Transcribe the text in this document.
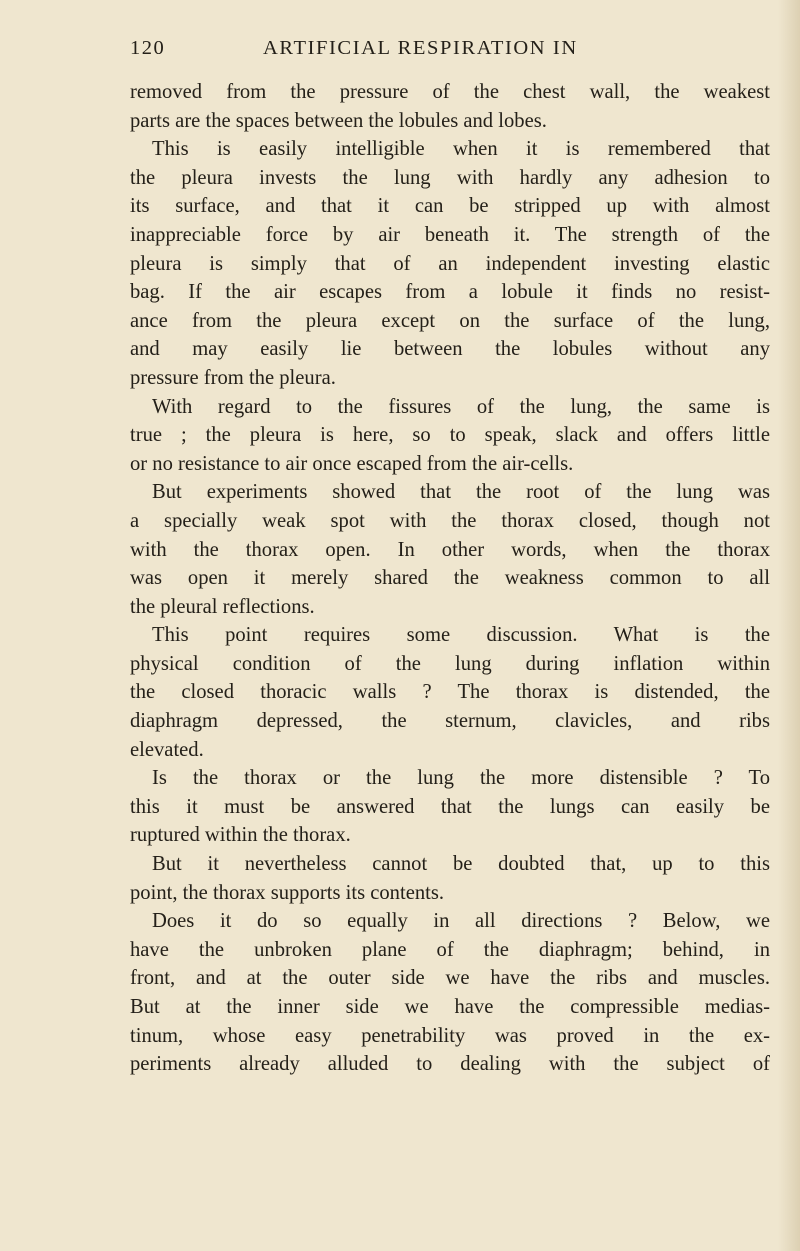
120	ARTIFICIAL RESPIRATION IN
removed from the pressure of the chest wall, the weakest
parts are the spaces between the lobules and lobes.
This is easily intelligible when it is remembered that
the pleura invests the lung with hardly any adhesion to
its surface, and that it can be stripped up with almost
inappreciable force by air beneath it. The strength of the
pleura is simply that of an independent investing elastic
bag. If the air escapes from a lobule it finds no resist-
ance from the pleura except on the surface of the lung,
and may easily lie between the lobules without any
pressure from the pleura.
With regard to the fissures of the lung, the same is
true ; the pleura is here, so to speak, slack and offers little
or no resistance to air once escaped from the air-cells.
But experiments showed that the root of the lung was
a specially weak spot with the thorax closed, though not
with the thorax open. In other words, when the thorax
was open it merely shared the weakness common to all
the pleural reflections.
This point requires some discussion. What is the
physical condition of the lung during inflation within
the closed thoracic walls ? The thorax is distended, the
diaphragm depressed, the sternum, clavicles, and ribs
elevated.
Is the thorax or the lung the more distensible ? To
this it must be answered that the lungs can easily be
ruptured within the thorax.
But it nevertheless cannot be doubted that, up to this
point, the thorax supports its contents.
Does it do so equally in all directions ? Below, we
have the unbroken plane of the diaphragm; behind, in
front, and at the outer side we have the ribs and muscles.
But at the inner side we have the compressible medias-
tinum, whose easy penetrability was proved in the ex-
periments already alluded to dealing with the subject of
